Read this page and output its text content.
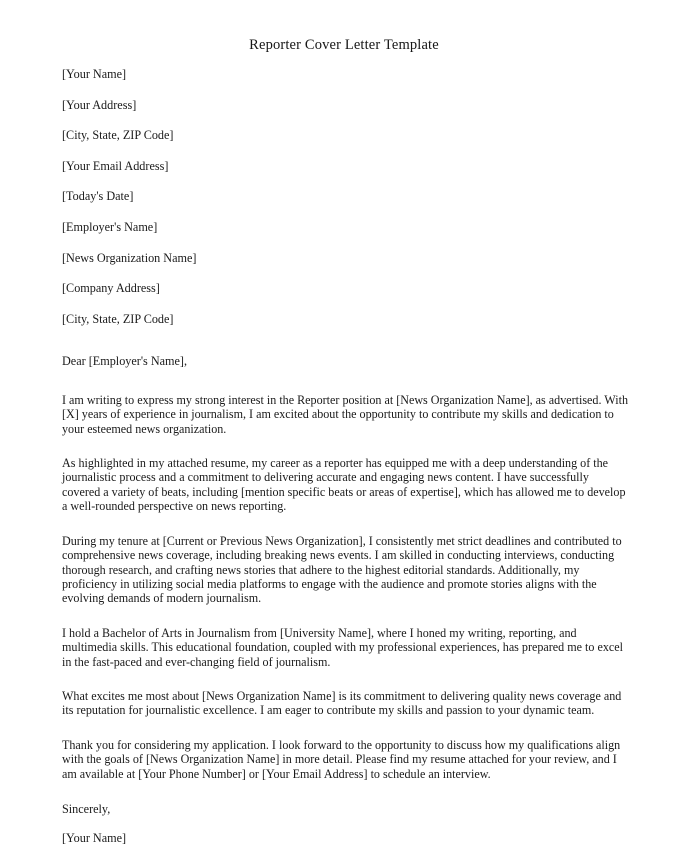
Reporter Cover Letter Template

[Your Name]

[Your Address]

[City, State, ZIP Code]

[Your Email Address]

[Today's Date]

[Employer's Name]

[News Organization Name]

[Company Address]

[City, State, ZIP Code]

Dear [Employer's Name],

I am writing to express my strong interest in the Reporter position at [News Organization Name], as advertised. With [X] years of experience in journalism, I am excited about the opportunity to contribute my skills and dedication to your esteemed news organization.

As highlighted in my attached resume, my career as a reporter has equipped me with a deep understanding of the journalistic process and a commitment to delivering accurate and engaging news content. I have successfully covered a variety of beats, including [mention specific beats or areas of expertise], which has allowed me to develop a well-rounded perspective on news reporting.

During my tenure at [Current or Previous News Organization], I consistently met strict deadlines and contributed to comprehensive news coverage, including breaking news events. I am skilled in conducting interviews, conducting thorough research, and crafting news stories that adhere to the highest editorial standards. Additionally, my proficiency in utilizing social media platforms to engage with the audience and promote stories aligns with the evolving demands of modern journalism.

I hold a Bachelor of Arts in Journalism from [University Name], where I honed my writing, reporting, and multimedia skills. This educational foundation, coupled with my professional experiences, has prepared me to excel in the fast-paced and ever-changing field of journalism.

What excites me most about [News Organization Name] is its commitment to delivering quality news coverage and its reputation for journalistic excellence. I am eager to contribute my skills and passion to your dynamic team.

Thank you for considering my application. I look forward to the opportunity to discuss how my qualifications align with the goals of [News Organization Name] in more detail. Please find my resume attached for your review, and I am available at [Your Phone Number] or [Your Email Address] to schedule an interview.

Sincerely,

[Your Name]
